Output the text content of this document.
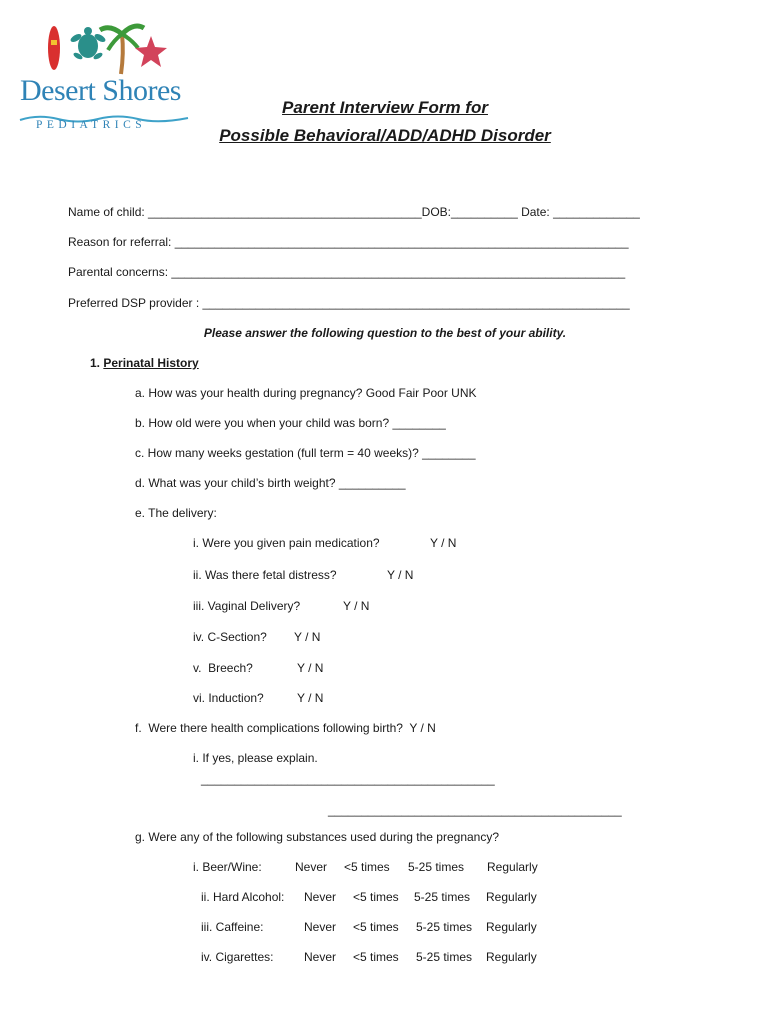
Desert Shores
PEDIATRICS
Parent Interview Form for
Possible Behavioral/ADD/ADHD Disorder
Name of child: _________________________________________DOB:__________ Date: _____________
Reason for referral: ____________________________________________________________________
Parental concerns: ____________________________________________________________________
Preferred DSP provider : ________________________________________________________________
Please answer the following question to the best of your ability.
1. Perinatal History
a. How was your health during pregnancy? Good Fair Poor UNK
b. How old were you when your child was born? ________
c. How many weeks gestation (full term = 40 weeks)? ________
d. What was your child’s birth weight? __________
e. The delivery:
i. Were you given pain medication?	Y / N
ii. Was there fetal distress?	Y / N
iii. Vaginal Delivery?	Y / N
iv. C-Section? Y / N
v.  Breech?	Y / N
vi. Induction?	Y / N
f.  Were there health complications following birth?  Y / N
i. If yes, please explain.
____________________________________________
____________________________________________
g. Were any of the following substances used during the pregnancy?
i. Beer/Wine:	Never <5 times 5-25 times Regularly
ii. Hard Alcohol: Never <5 times 5-25 times Regularly
iii. Caffeine:	Never <5 times 5-25 times Regularly
iv. Cigarettes:	Never <5 times 5-25 times Regularly
